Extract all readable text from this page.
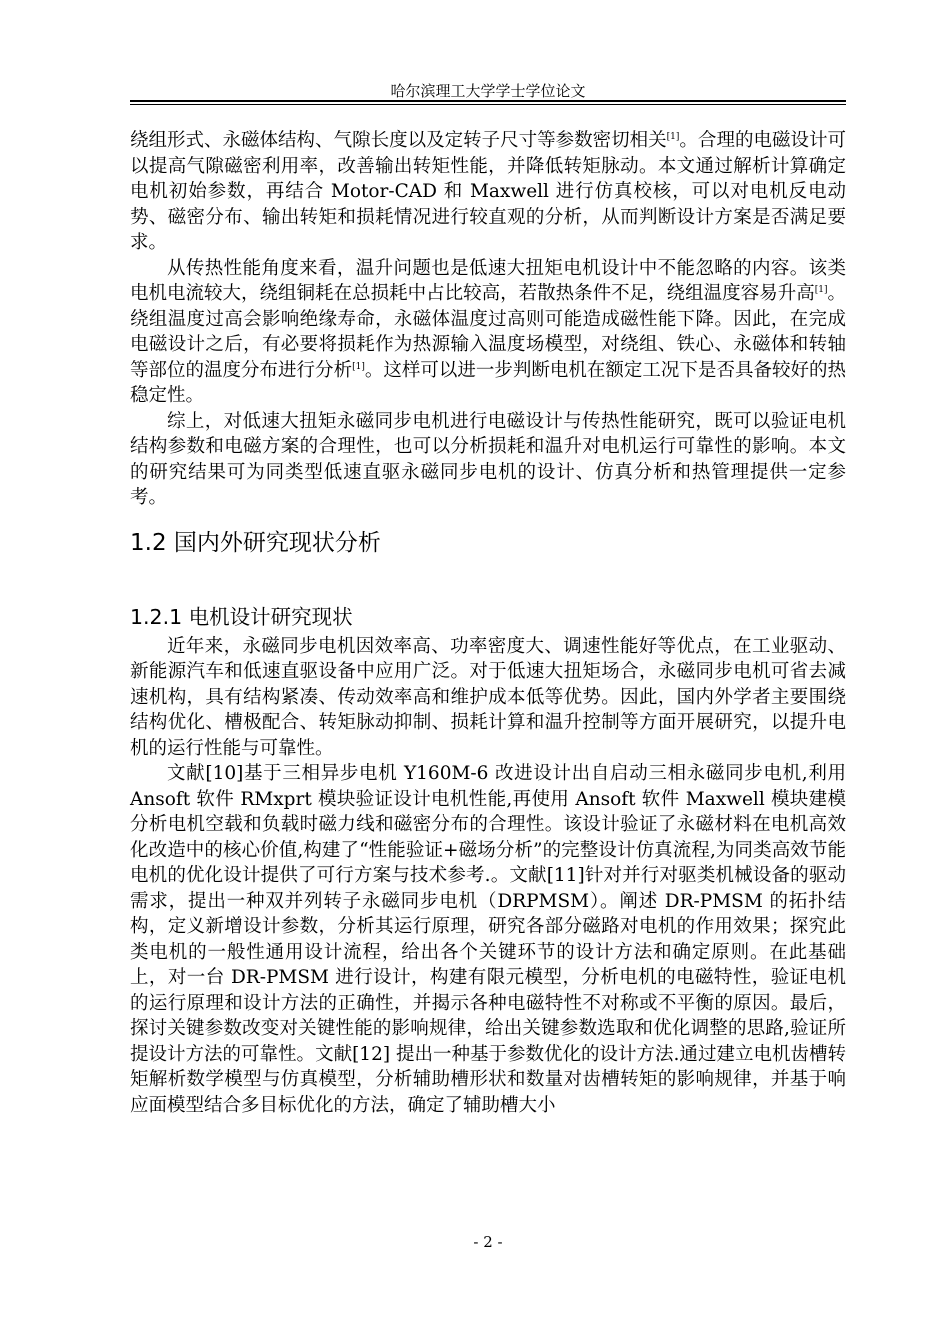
哈尔滨理工大学学士学位论文

绕组形式、永磁体结构、气隙长度以及定转子尺寸等参数密切相关[1]。合理的电磁设计可以提高气隙磁密利用率，改善输出转矩性能，并降低转矩脉动。本文通过解析计算确定电机初始参数，再结合 Motor-CAD 和 Maxwell 进行仿真校核，可以对电机反电动势、磁密分布、输出转矩和损耗情况进行较直观的分析，从而判断设计方案是否满足要求。

从传热性能角度来看，温升问题也是低速大扭矩电机设计中不能忽略的内容。该类电机电流较大，绕组铜耗在总损耗中占比较高，若散热条件不足，绕组温度容易升高[1]。绕组温度过高会影响绝缘寿命，永磁体温度过高则可能造成磁性能下降。因此，在完成电磁设计之后，有必要将损耗作为热源输入温度场模型，对绕组、铁心、永磁体和转轴等部位的温度分布进行分析[1]。这样可以进一步判断电机在额定工况下是否具备较好的热稳定性。

综上，对低速大扭矩永磁同步电机进行电磁设计与传热性能研究，既可以验证电机结构参数和电磁方案的合理性，也可以分析损耗和温升对电机运行可靠性的影响。本文的研究结果可为同类型低速直驱永磁同步电机的设计、仿真分析和热管理提供一定参考。

1.2 国内外研究现状分析
1.2.1 电机设计研究现状

近年来，永磁同步电机因效率高、功率密度大、调速性能好等优点，在工业驱动、新能源汽车和低速直驱设备中应用广泛。对于低速大扭矩场合，永磁同步电机可省去减速机构，具有结构紧凑、传动效率高和维护成本低等优势。因此，国内外学者主要围绕结构优化、槽极配合、转矩脉动抑制、损耗计算和温升控制等方面开展研究，以提升电机的运行性能与可靠性。

文献[10]基于三相异步电机 Y160M-6 改进设计出自启动三相永磁同步电机,利用 Ansoft 软件 RMxprt 模块验证设计电机性能,再使用 Ansoft 软件 Maxwell 模块建模分析电机空载和负载时磁力线和磁密分布的合理性。该设计验证了永磁材料在电机高效化改造中的核心价值,构建了“性能验证+磁场分析”的完整设计仿真流程,为同类高效节能电机的优化设计提供了可行方案与技术参考.。文献[11]针对并行对驱类机械设备的驱动需求，提出一种双并列转子永磁同步电机（DRPMSM）。阐述 DR-PMSM 的拓扑结构，定义新增设计参数，分析其运行原理，研究各部分磁路对电机的作用效果；探究此类电机的一般性通用设计流程，给出各个关键环节的设计方法和确定原则。在此基础上，对一台 DR-PMSM 进行设计，构建有限元模型，分析电机的电磁特性，验证电机的运行原理和设计方法的正确性，并揭示各种电磁特性不对称或不平衡的原因。最后，探讨关键参数改变对关键性能的影响规律，给出关键参数选取和优化调整的思路,验证所提设计方法的可靠性。文献[12] 提出一种基于参数优化的设计方法.通过建立电机齿槽转矩解析数学模型与仿真模型，分析辅助槽形状和数量对齿槽转矩的影响规律，并基于响应面模型结合多目标优化的方法，确定了辅助槽大小

- 2 -
